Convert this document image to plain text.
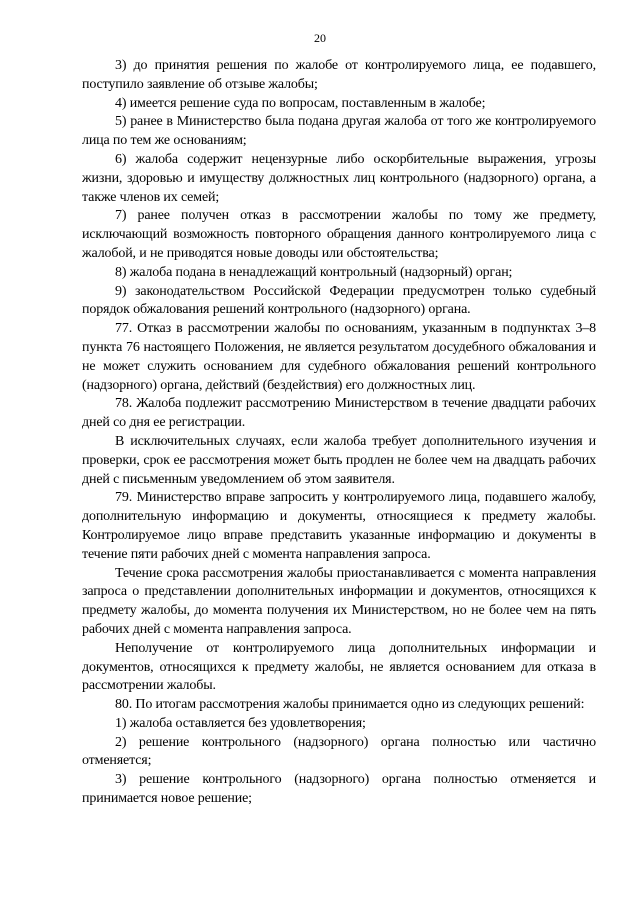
20

3) до принятия решения по жалобе от контролируемого лица, ее подавшего, поступило заявление об отзыве жалобы;

4) имеется решение суда по вопросам, поставленным в жалобе;

5) ранее в Министерство была подана другая жалоба от того же контролируемого лица по тем же основаниям;

6) жалоба содержит нецензурные либо оскорбительные выражения, угрозы жизни, здоровью и имуществу должностных лиц контрольного (надзорного) органа, а также членов их семей;

7) ранее получен отказ в рассмотрении жалобы по тому же предмету, исключающий возможность повторного обращения данного контролируемого лица с жалобой, и не приводятся новые доводы или обстоятельства;

8) жалоба подана в ненадлежащий контрольный (надзорный) орган;

9) законодательством Российской Федерации предусмотрен только судебный порядок обжалования решений контрольного (надзорного) органа.

77. Отказ в рассмотрении жалобы по основаниям, указанным в подпунктах 3–8 пункта 76 настоящего Положения, не является результатом досудебного обжалования и не может служить основанием для судебного обжалования решений контрольного (надзорного) органа, действий (бездействия) его должностных лиц.

78. Жалоба подлежит рассмотрению Министерством в течение двадцати рабочих дней со дня ее регистрации.

В исключительных случаях, если жалоба требует дополнительного изучения и проверки, срок ее рассмотрения может быть продлен не более чем на двадцать рабочих дней с письменным уведомлением об этом заявителя.

79. Министерство вправе запросить у контролируемого лица, подавшего жалобу, дополнительную информацию и документы, относящиеся к предмету жалобы. Контролируемое лицо вправе представить указанные информацию и документы в течение пяти рабочих дней с момента направления запроса.

Течение срока рассмотрения жалобы приостанавливается с момента направления запроса о представлении дополнительных информации и документов, относящихся к предмету жалобы, до момента получения их Министерством, но не более чем на пять рабочих дней с момента направления запроса.

Неполучение от контролируемого лица дополнительных информации и документов, относящихся к предмету жалобы, не является основанием для отказа в рассмотрении жалобы.

80. По итогам рассмотрения жалобы принимается одно из следующих решений:

1) жалоба оставляется без удовлетворения;

2) решение контрольного (надзорного) органа полностью или частично отменяется;

3) решение контрольного (надзорного) органа полностью отменяется и принимается новое решение;
